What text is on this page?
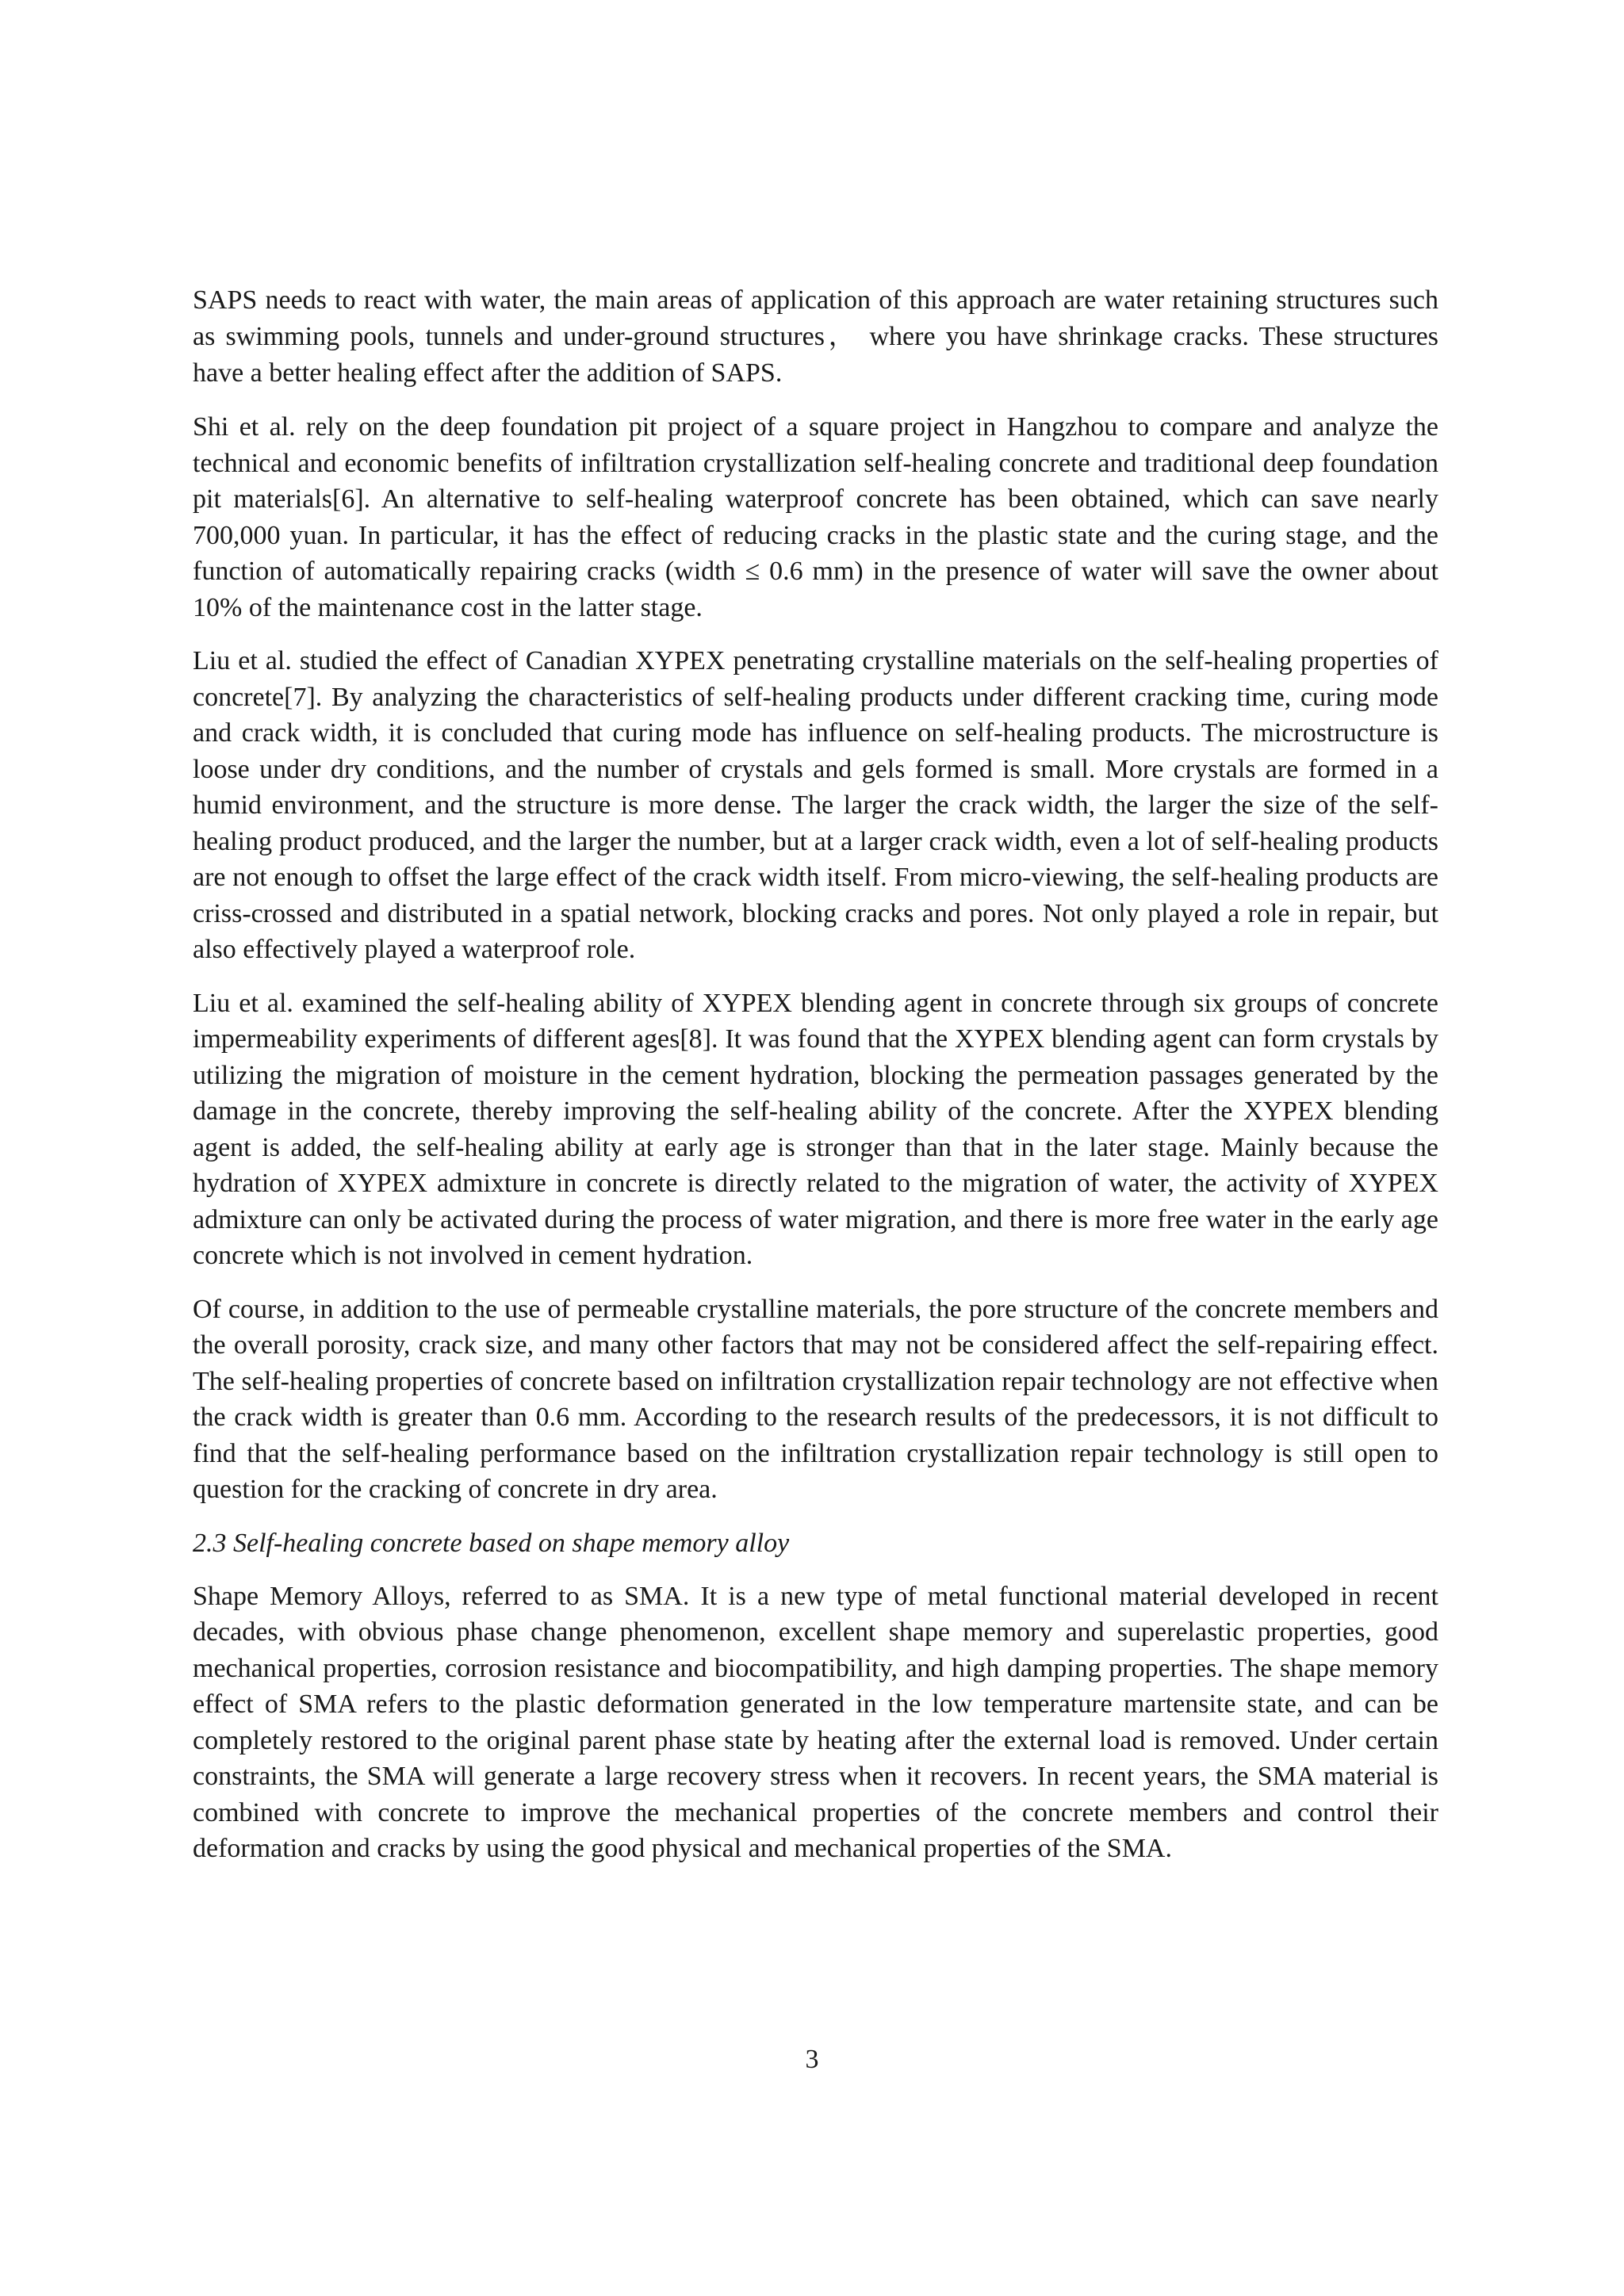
SAPS needs to react with water, the main areas of application of this approach are water retaining structures such as swimming pools, tunnels and under-ground structures， where you have shrinkage cracks. These structures have a better healing effect after the addition of SAPS.

Shi et al. rely on the deep foundation pit project of a square project in Hangzhou to compare and analyze the technical and economic benefits of infiltration crystallization self-healing concrete and traditional deep foundation pit materials[6]. An alternative to self-healing waterproof concrete has been obtained, which can save nearly 700,000 yuan. In particular, it has the effect of reducing cracks in the plastic state and the curing stage, and the function of automatically repairing cracks (width ≤ 0.6 mm) in the presence of water will save the owner about 10% of the maintenance cost in the latter stage.

Liu et al. studied the effect of Canadian XYPEX penetrating crystalline materials on the self-healing properties of concrete[7]. By analyzing the characteristics of self-healing products under different cracking time, curing mode and crack width, it is concluded that curing mode has influence on self-healing products. The microstructure is loose under dry conditions, and the number of crystals and gels formed is small. More crystals are formed in a humid environment, and the structure is more dense. The larger the crack width, the larger the size of the self-healing product produced, and the larger the number, but at a larger crack width, even a lot of self-healing products are not enough to offset the large effect of the crack width itself. From micro-viewing, the self-healing products are criss-crossed and distributed in a spatial network, blocking cracks and pores. Not only played a role in repair, but also effectively played a waterproof role.

Liu et al. examined the self-healing ability of XYPEX blending agent in concrete through six groups of concrete impermeability experiments of different ages[8]. It was found that the XYPEX blending agent can form crystals by utilizing the migration of moisture in the cement hydration, blocking the permeation passages generated by the damage in the concrete, thereby improving the self-healing ability of the concrete. After the XYPEX blending agent is added, the self-healing ability at early age is stronger than that in the later stage. Mainly because the hydration of XYPEX admixture in concrete is directly related to the migration of water, the activity of XYPEX admixture can only be activated during the process of water migration, and there is more free water in the early age concrete which is not involved in cement hydration.

Of course, in addition to the use of permeable crystalline materials, the pore structure of the concrete members and the overall porosity, crack size, and many other factors that may not be considered affect the self-repairing effect. The self-healing properties of concrete based on infiltration crystallization repair technology are not effective when the crack width is greater than 0.6 mm. According to the research results of the predecessors, it is not difficult to find that the self-healing performance based on the infiltration crystallization repair technology is still open to question for the cracking of concrete in dry area.

2.3 Self-healing concrete based on shape memory alloy

Shape Memory Alloys, referred to as SMA. It is a new type of metal functional material developed in recent decades, with obvious phase change phenomenon, excellent shape memory and superelastic properties, good mechanical properties, corrosion resistance and biocompatibility, and high damping properties. The shape memory effect of SMA refers to the plastic deformation generated in the low temperature martensite state, and can be completely restored to the original parent phase state by heating after the external load is removed. Under certain constraints, the SMA will generate a large recovery stress when it recovers. In recent years, the SMA material is combined with concrete to improve the mechanical properties of the concrete members and control their deformation and cracks by using the good physical and mechanical properties of the SMA.

3
